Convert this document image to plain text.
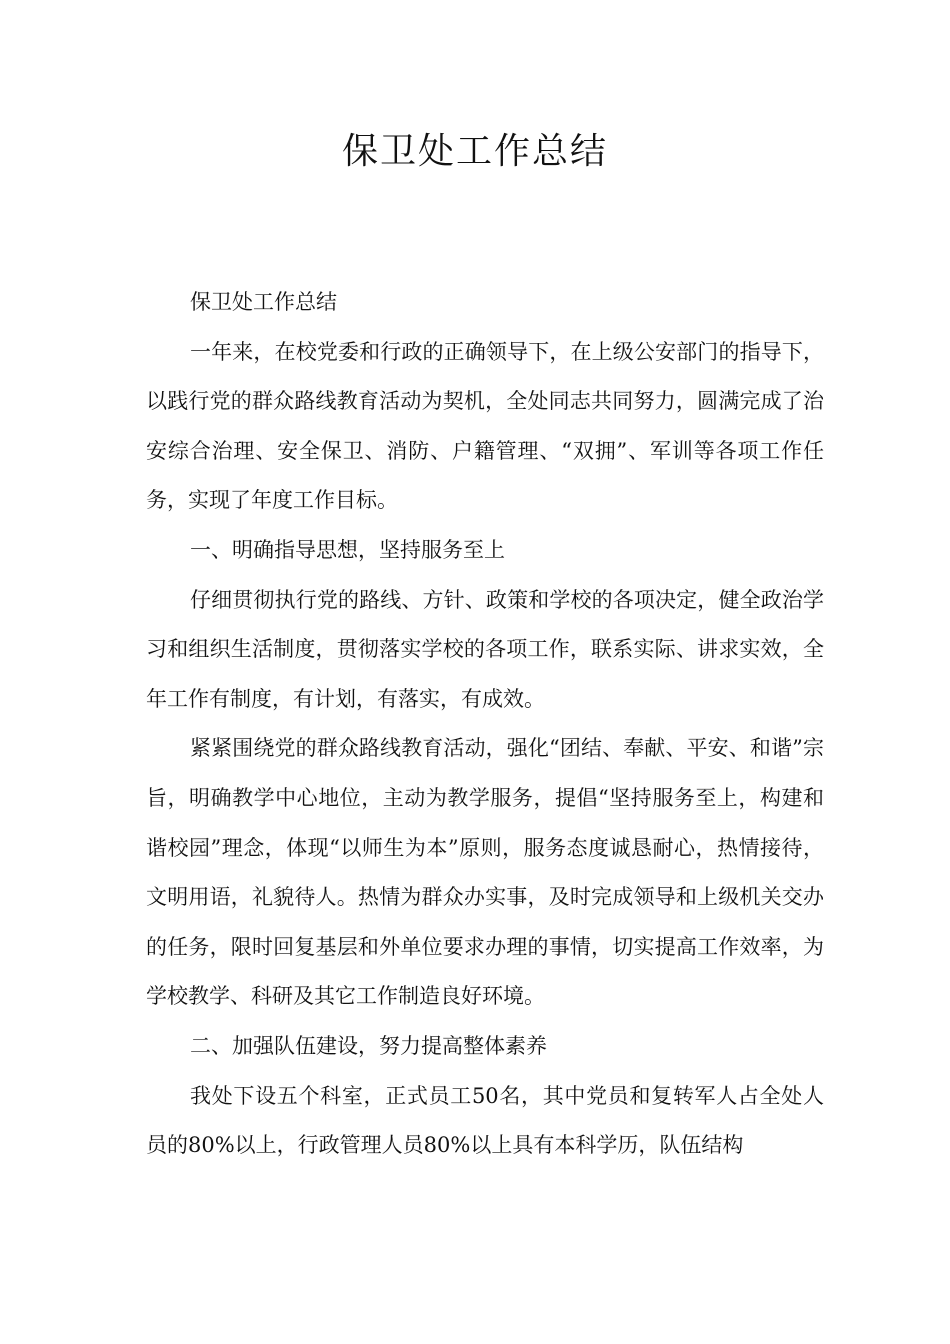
保卫处工作总结

保卫处工作总结

一年来，在校党委和行政的正确领导下，在上级公安部门的指导下，以践行党的群众路线教育活动为契机，全处同志共同努力，圆满完成了治安综合治理、安全保卫、消防、户籍管理、“双拥”、军训等各项工作任务，实现了年度工作目标。

一、明确指导思想，坚持服务至上

仔细贯彻执行党的路线、方针、政策和学校的各项决定，健全政治学习和组织生活制度，贯彻落实学校的各项工作，联系实际、讲求实效，全年工作有制度，有计划，有落实，有成效。

紧紧围绕党的群众路线教育活动，强化“团结、奉献、平安、和谐”宗旨，明确教学中心地位，主动为教学服务，提倡“坚持服务至上，构建和谐校园”理念，体现“以师生为本”原则，服务态度诚恳耐心，热情接待，文明用语，礼貌待人。热情为群众办实事，及时完成领导和上级机关交办的任务，限时回复基层和外单位要求办理的事情，切实提高工作效率，为学校教学、科研及其它工作制造良好环境。

二、加强队伍建设，努力提高整体素养

我处下设五个科室，正式员工50名，其中党员和复转军人占全处人员的80%以上，行政管理人员80%以上具有本科学历，队伍结构
